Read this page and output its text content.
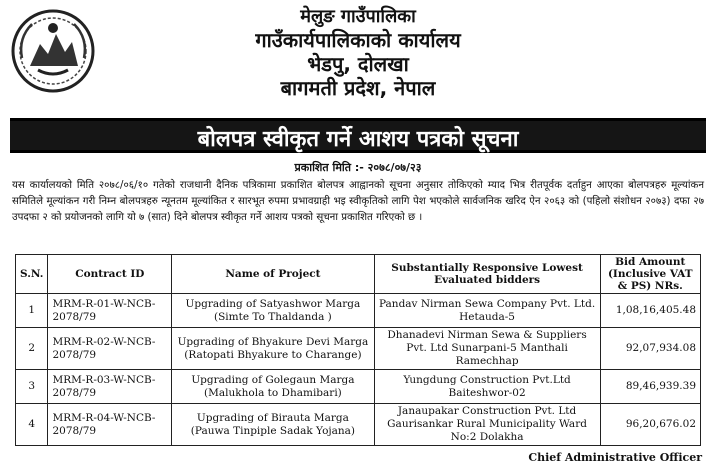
मेलुङ गाउँपालिका
गाउँकार्यपालिकाको कार्यालय
भेडपु, दोलखा
बागमती प्रदेश, नेपाल
बोलपत्र स्वीकृत गर्ने आशय पत्रको सूचना
प्रकाशित मिति :- २०७८/०७/२३
यस कार्यालयको मिति २०७८/०६/१० गतेको राजधानी दैनिक पत्रिकामा प्रकाशित बोलपत्र आह्वानको सूचना अनुसार तोकिएको म्याद भित्र रीतपूर्वक दर्ताहुन आएका बोलपत्रहरु मूल्यांकन समितिले मूल्यांकन गरी निम्न बोलपत्रहरु न्यूनतम मूल्यांकित र सारभूत रुपमा प्रभावग्राही भइ स्वीकृतिको लागि पेश भएकोले सार्वजनिक खरिद ऐन २०६३ को (पहिलो संशोधन २०७३) दफा २७ उपदफा २ को प्रयोजनको लागि यो ७ (सात) दिने बोलपत्र स्वीकृत गर्ने आशय पत्रको सूचना प्रकाशित गरिएको छ ।
S.N.	Contract ID	Name of Project	Substantially Responsive Lowest Evaluated bidders	Bid Amount (Inclusive VAT & PS) NRs.
1	MRM-R-01-W-NCB-2078/79	Upgrading of Satyashwor Marga (Simte To Thaldanda )	Pandav Nirman Sewa Company Pvt. Ltd. Hetauda-5	1,08,16,405.48
2	MRM-R-02-W-NCB-2078/79	Upgrading of Bhyakure Devi Marga (Ratopati Bhyakure to Charange)	Dhanadevi Nirman Sewa & Suppliers Pvt. Ltd Sunarpani-5 Manthali Ramechhap	92,07,934.08
3	MRM-R-03-W-NCB-2078/79	Upgrading of Golegaun Marga (Malukhola to Dhamibari)	Yungdung Construction Pvt.Ltd Baiteshwor-02	89,46,939.39
4	MRM-R-04-W-NCB-2078/79	Upgrading of Birauta Marga (Pauwa Tinpiple Sadak Yojana)	Janaupakar Construction Pvt. Ltd Gaurisankar Rural Municipality Ward No:2 Dolakha	96,20,676.02
Chief Administrative Officer
